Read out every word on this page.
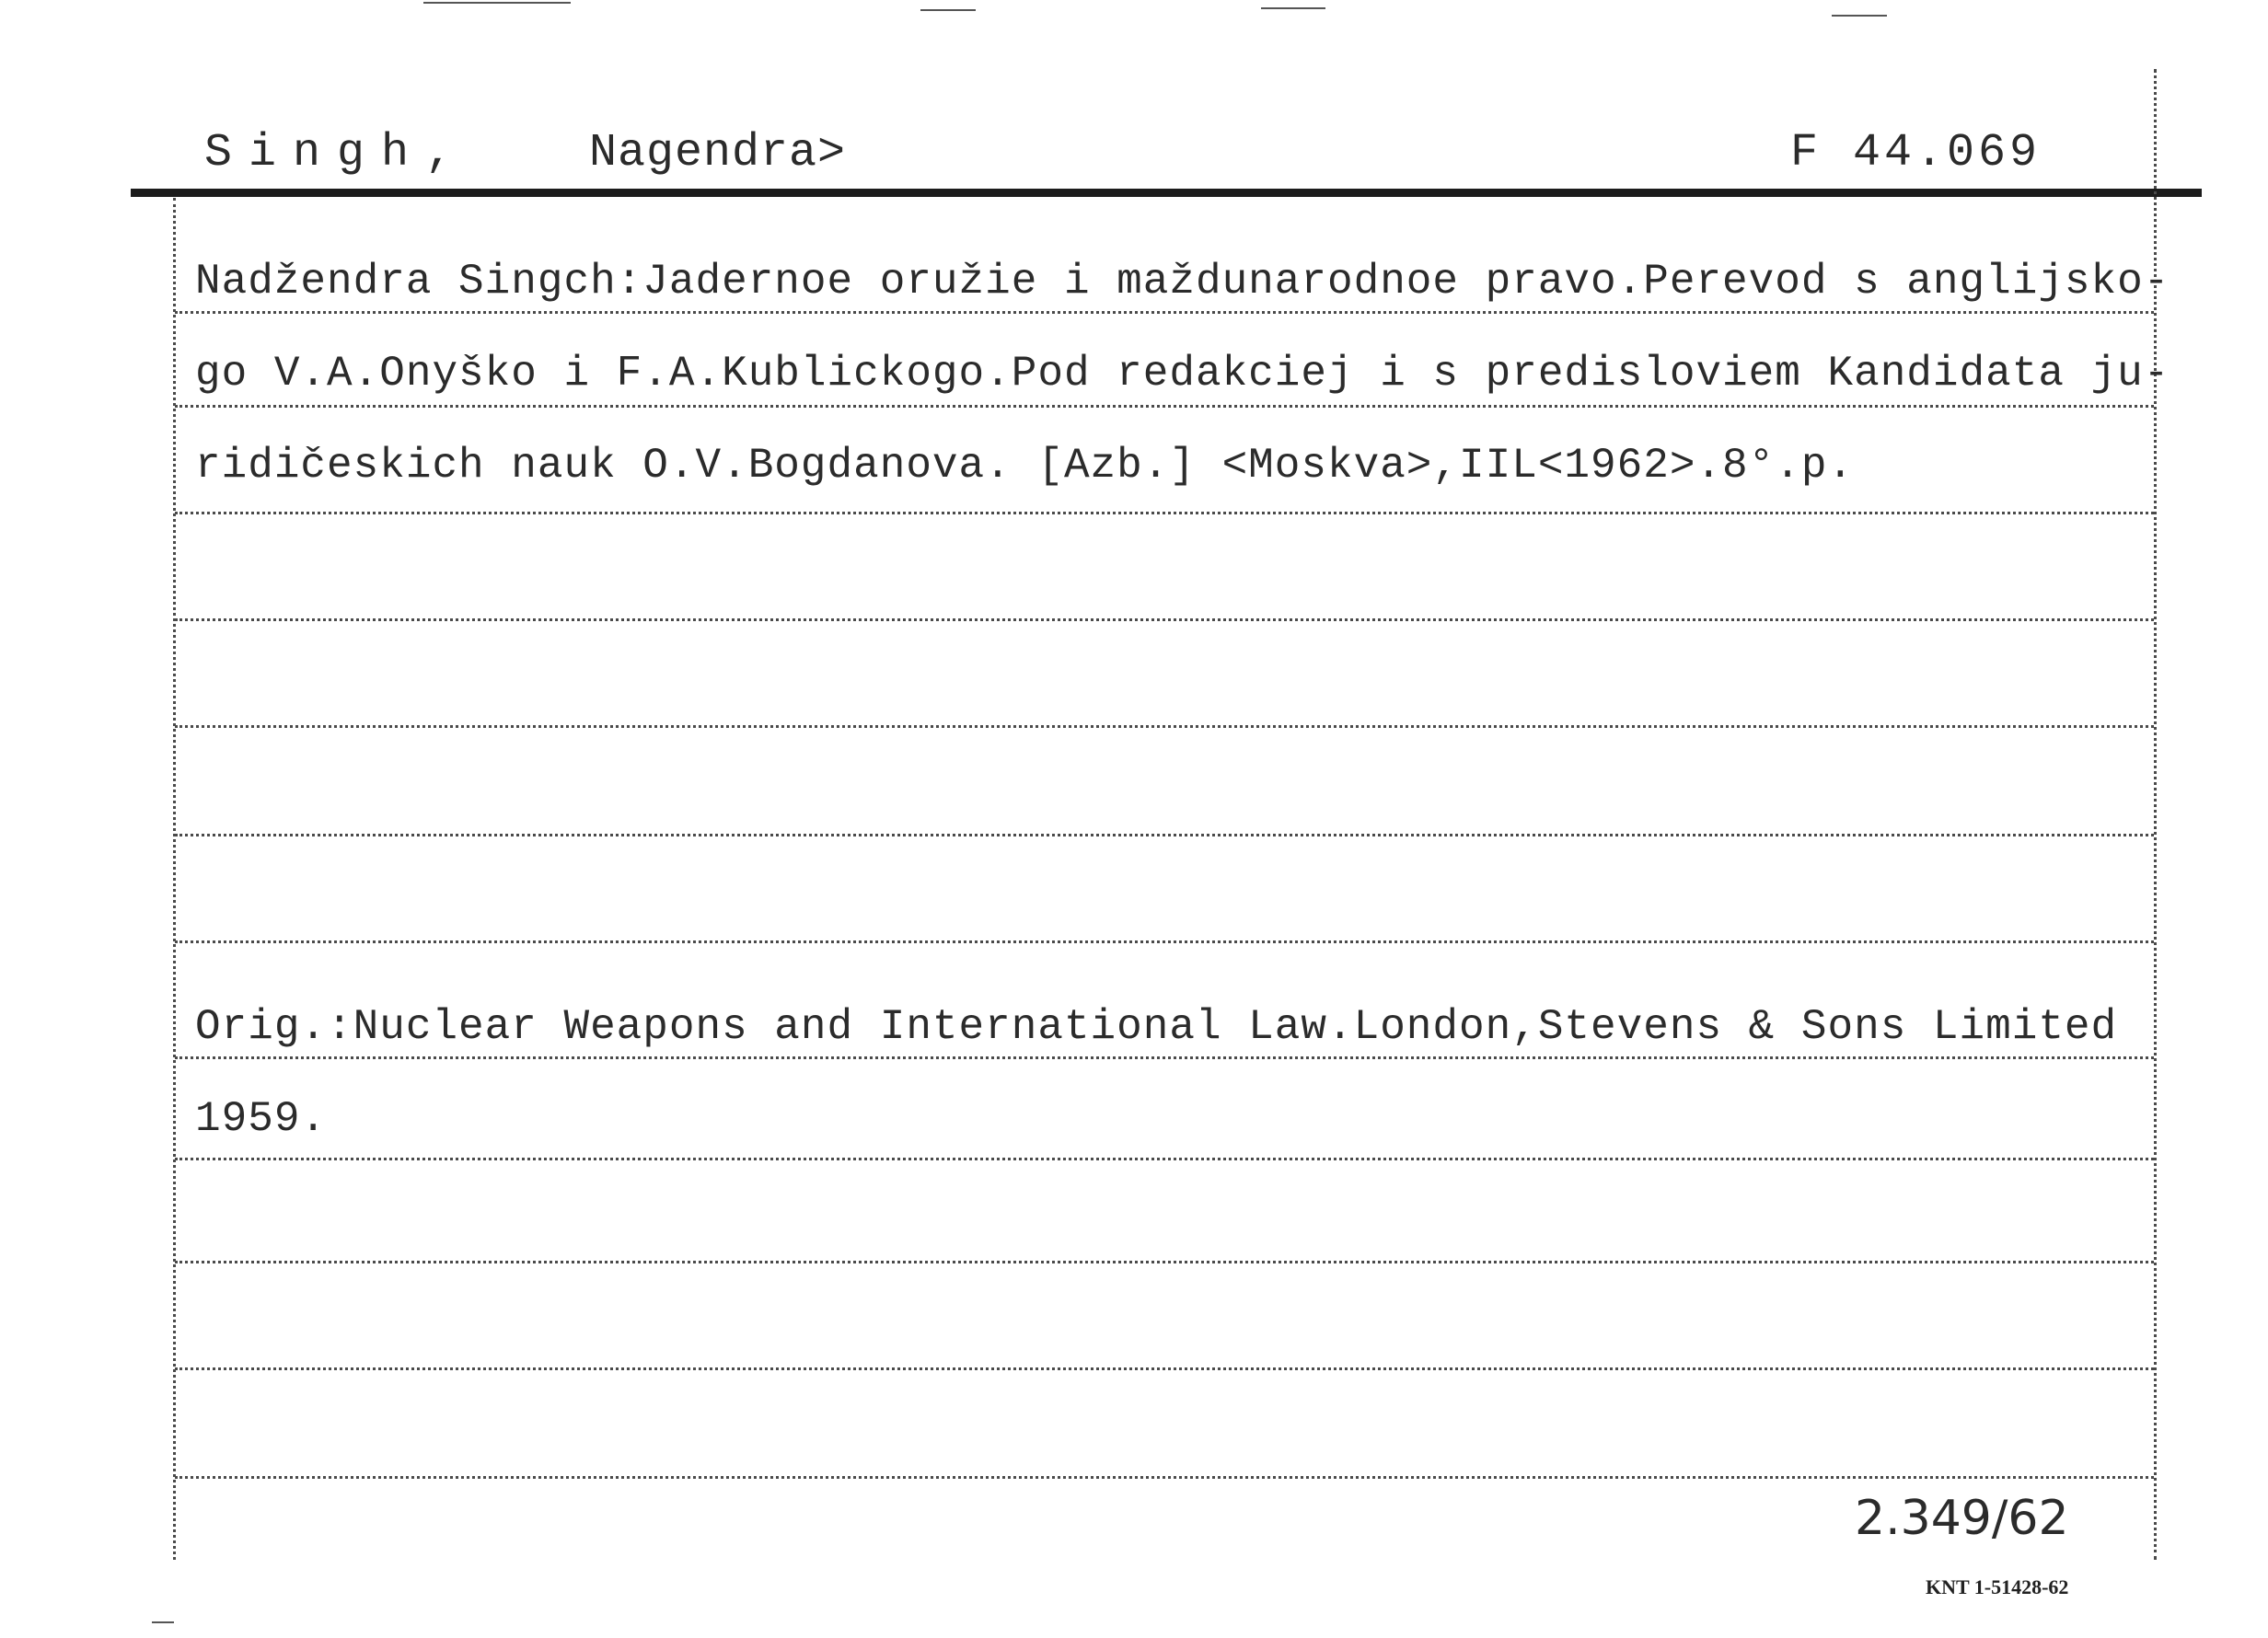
Singh,	Nagendra>	F 44.069
Nadžendra Singch:Jadernoe oružie i maždunarodnoe pravo.Perevod s anglijsko-
go V.A.Onyško i F.A.Kublickogo.Pod redakciej i s predisloviem Kandidata ju-
ridičeskich nauk O.V.Bogdanova. [Azb.] <Moskva>,IIL<1962>.8°.p.
Orig.:Nuclear Weapons and International Law.London,Stevens & Sons Limited
1959.
2.349/62
KNT 1-51428-62
